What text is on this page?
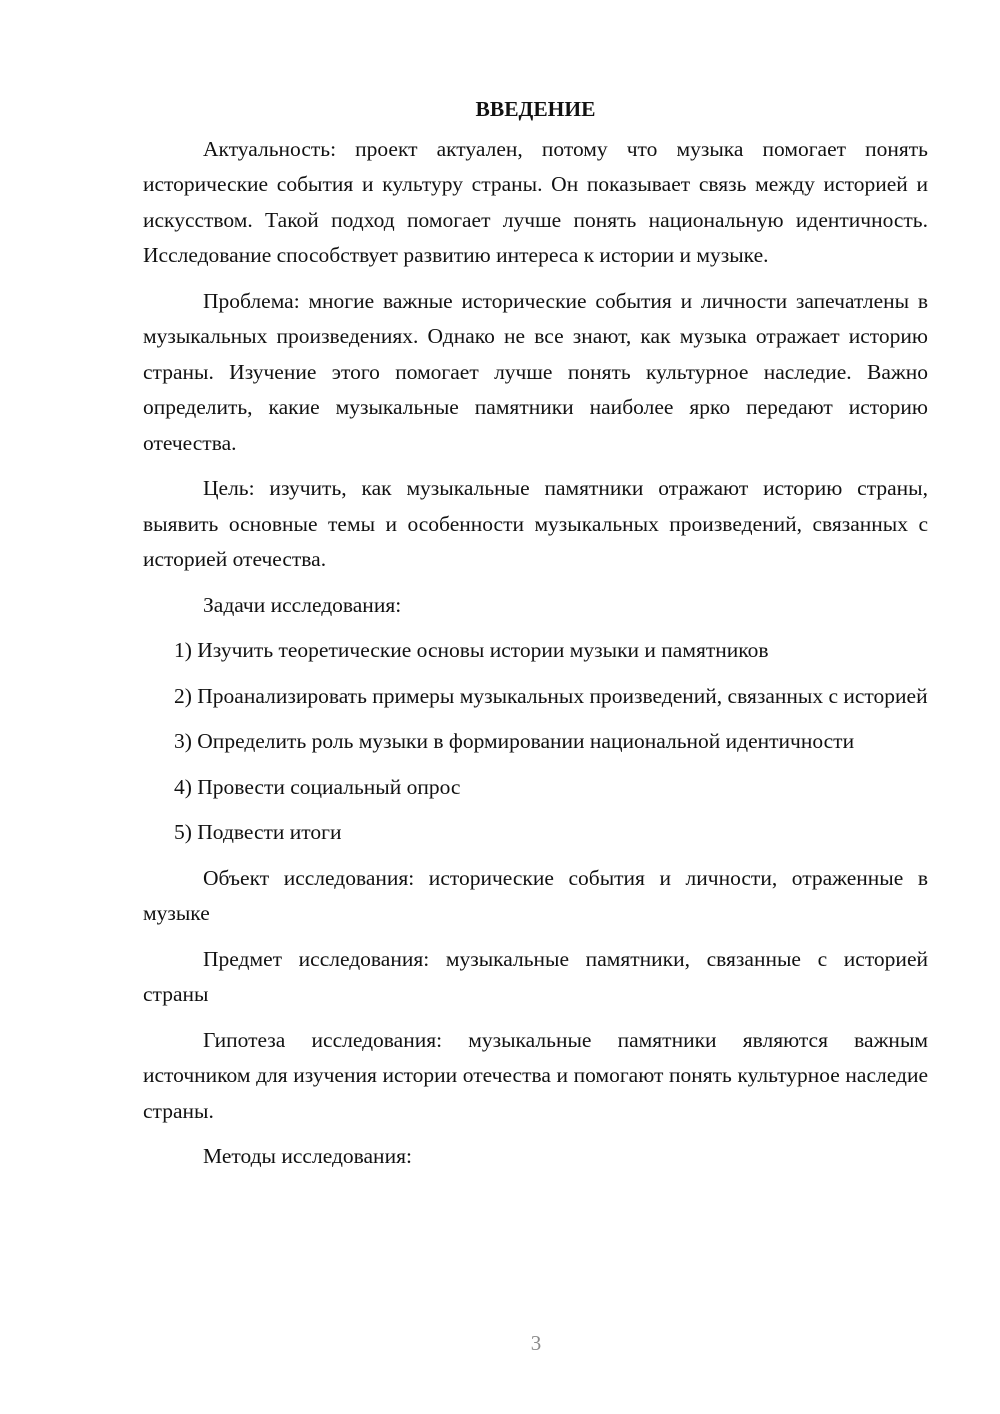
ВВЕДЕНИЕ

Актуальность: проект актуален, потому что музыка помогает понять исторические события и культуру страны. Он показывает связь между историей и искусством. Такой подход помогает лучше понять национальную идентичность. Исследование способствует развитию интереса к истории и музыке.

Проблема: многие важные исторические события и личности запечатлены в музыкальных произведениях. Однако не все знают, как музыка отражает историю страны. Изучение этого помогает лучше понять культурное наследие. Важно определить, какие музыкальные памятники наиболее ярко передают историю отечества.

Цель: изучить, как музыкальные памятники отражают историю страны, выявить основные темы и особенности музыкальных произведений, связанных с историей отечества.

Задачи исследования:

1) Изучить теоретические основы истории музыки и памятников

2) Проанализировать примеры музыкальных произведений, связанных с историей

3) Определить роль музыки в формировании национальной идентичности

4) Провести социальный опрос

5) Подвести итоги

Объект исследования: исторические события и личности, отраженные в музыке

Предмет исследования: музыкальные памятники, связанные с историей страны

Гипотеза исследования: музыкальные памятники являются важным источником для изучения истории отечества и помогают понять культурное наследие страны.

Методы исследования:

3
